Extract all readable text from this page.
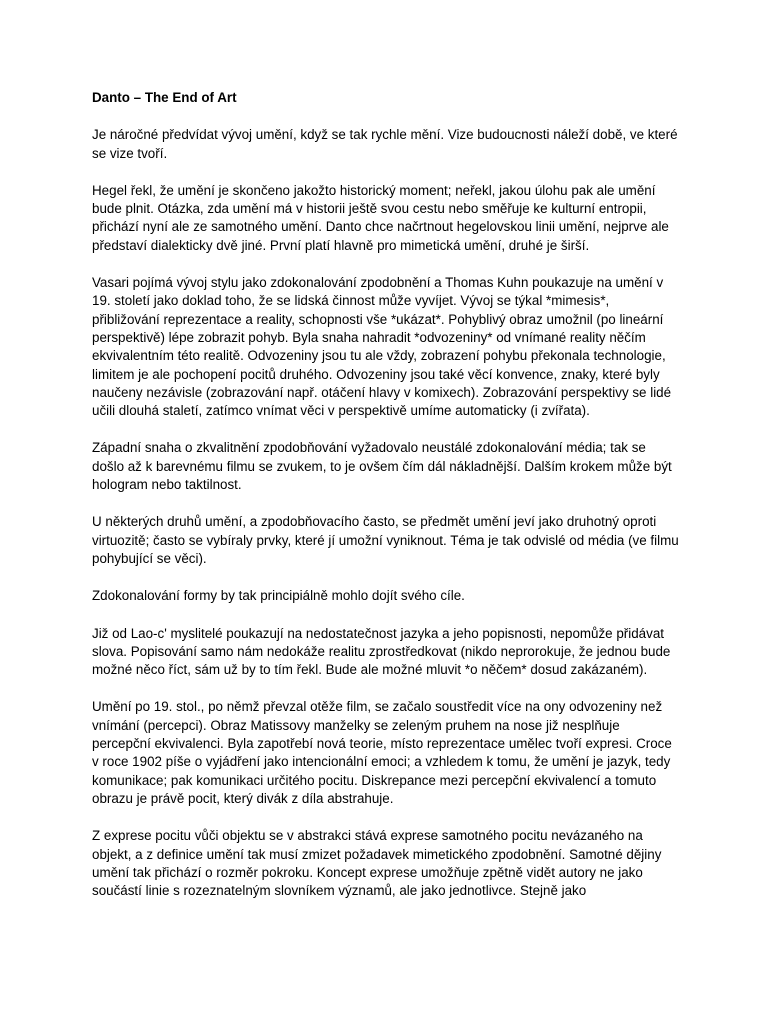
Danto – The End of Art

Je náročné předvídat vývoj umění, když se tak rychle mění. Vize budoucnosti náleží době, ve které se vize tvoří.

Hegel řekl, že umění je skončeno jakožto historický moment; neřekl, jakou úlohu pak ale umění bude plnit. Otázka, zda umění má v historii ještě svou cestu nebo směřuje ke kulturní entropii, přichází nyní ale ze samotného umění. Danto chce načrtnout hegelovskou linii umění, nejprve ale představí dialekticky dvě jiné. První platí hlavně pro mimetická umění, druhé je širší.

Vasari pojímá vývoj stylu jako zdokonalování zpodobnění a Thomas Kuhn poukazuje na umění v 19. století jako doklad toho, že se lidská činnost může vyvíjet. Vývoj se týkal *mimesis*, přibližování reprezentace a reality, schopnosti vše *ukázat*. Pohyblivý obraz umožnil (po lineární perspektivě) lépe zobrazit pohyb. Byla snaha nahradit *odvozeniny* od vnímané reality něčím ekvivalentním této realitě. Odvozeniny jsou tu ale vždy, zobrazení pohybu překonala technologie, limitem je ale pochopení pocitů druhého. Odvozeniny jsou také věcí konvence, znaky, které byly naučeny nezávisle (zobrazování např. otáčení hlavy v komixech). Zobrazování perspektivy se lidé učili dlouhá staletí, zatímco vnímat věci v perspektivě umíme automaticky (i zvířata).

Západní snaha o zkvalitnění zpodobňování vyžadovalo neustálé zdokonalování média; tak se došlo až k barevnému filmu se zvukem, to je ovšem čím dál nákladnější. Dalším krokem může být hologram nebo taktilnost.

U některých druhů umění, a zpodobňovacího často, se předmět umění jeví jako druhotný oproti virtuozitě; často se vybíraly prvky, které jí umožní vyniknout. Téma je tak odvislé od média (ve filmu pohybující se věci).

Zdokonalování formy by tak principiálně mohlo dojít svého cíle.

Již od Lao-c' myslitelé poukazují na nedostatečnost jazyka a jeho popisnosti, nepomůže přidávat slova. Popisování samo nám nedokáže realitu zprostředkovat (nikdo neprorokuje, že jednou bude možné něco říct, sám už by to tím řekl. Bude ale možné mluvit *o něčem* dosud zakázaném).

Umění po 19. stol., po němž převzal otěže film, se začalo soustředit více na ony odvozeniny než vnímání (percepci). Obraz Matissovy manželky se zeleným pruhem na nose již nesplňuje percepční ekvivalenci. Byla zapotřebí nová teorie, místo reprezentace umělec tvoří expresi. Croce v roce 1902 píše o vyjádření jako intencionální emoci; a vzhledem k tomu, že umění je jazyk, tedy komunikace; pak komunikaci určitého pocitu. Diskrepance mezi percepční ekvivalencí a tomuto obrazu je právě pocit, který divák z díla abstrahuje.

Z exprese pocitu vůči objektu se v abstrakci stává exprese samotného pocitu nevázaného na objekt, a z definice umění tak musí zmizet požadavek mimetického zpodobnění. Samotné dějiny umění tak přichází o rozměr pokroku. Koncept exprese umožňuje zpětně vidět autory ne jako součástí linie s rozeznatelným slovníkem významů, ale jako jednotlivce. Stejně jako
